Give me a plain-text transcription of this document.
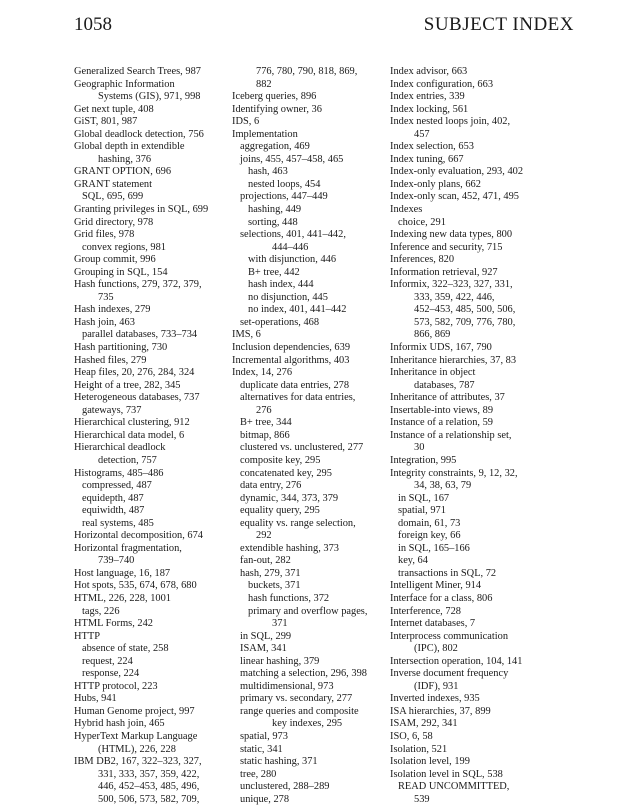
1058	SUBJECT INDEX
Generalized Search Trees, 987
Geographic Information
Systems (GIS), 971, 998
Get next tuple, 408
GiST, 801, 987
Global deadlock detection, 756
Global depth in extendible
hashing, 376
GRANT OPTION, 696
GRANT statement
SQL, 695, 699
Granting privileges in SQL, 699
Grid directory, 978
Grid files, 978
convex regions, 981
Group commit, 996
Grouping in SQL, 154
Hash functions, 279, 372, 379,
735
Hash indexes, 279
Hash join, 463
parallel databases, 733–734
Hash partitioning, 730
Hashed files, 279
Heap files, 20, 276, 284, 324
Height of a tree, 282, 345
Heterogeneous databases, 737
gateways, 737
Hierarchical clustering, 912
Hierarchical data model, 6
Hierarchical deadlock
detection, 757
Histograms, 485–486
compressed, 487
equidepth, 487
equiwidth, 487
real systems, 485
Horizontal decomposition, 674
Horizontal fragmentation,
739–740
Host language, 16, 187
Hot spots, 535, 674, 678, 680
HTML, 226, 228, 1001
tags, 226
HTML Forms, 242
HTTP
absence of state, 258
request, 224
response, 224
HTTP protocol, 223
Hubs, 941
Human Genome project, 997
Hybrid hash join, 465
HyperText Markup Language
(HTML), 226, 228
IBM DB2, 167, 322–323, 327,
331, 333, 357, 359, 422,
446, 452–453, 485, 496,
500, 506, 573, 582, 709,
776, 780, 790, 818, 869,
882
Iceberg queries, 896
Identifying owner, 36
IDS, 6
Implementation
aggregation, 469
joins, 455, 457–458, 465
hash, 463
nested loops, 454
projections, 447–449
hashing, 449
sorting, 448
selections, 401, 441–442,
444–446
with disjunction, 446
B+ tree, 442
hash index, 444
no disjunction, 445
no index, 401, 441–442
set-operations, 468
IMS, 6
Inclusion dependencies, 639
Incremental algorithms, 403
Index, 14, 276
duplicate data entries, 278
alternatives for data entries,
276
B+ tree, 344
bitmap, 866
clustered vs. unclustered, 277
composite key, 295
concatenated key, 295
data entry, 276
dynamic, 344, 373, 379
equality query, 295
equality vs. range selection,
292
extendible hashing, 373
fan-out, 282
hash, 279, 371
buckets, 371
hash functions, 372
primary and overflow pages,
371
in SQL, 299
ISAM, 341
linear hashing, 379
matching a selection, 296, 398
multidimensional, 973
primary vs. secondary, 277
range queries and composite
key indexes, 295
spatial, 973
static, 341
static hashing, 371
tree, 280
unclustered, 288–289
unique, 278
Index advisor, 663
Index configuration, 663
Index entries, 339
Index locking, 561
Index nested loops join, 402,
457
Index selection, 653
Index tuning, 667
Index-only evaluation, 293, 402
Index-only plans, 662
Index-only scan, 452, 471, 495
Indexes
choice, 291
Indexing new data types, 800
Inference and security, 715
Inferences, 820
Information retrieval, 927
Informix, 322–323, 327, 331,
333, 359, 422, 446,
452–453, 485, 500, 506,
573, 582, 709, 776, 780,
866, 869
Informix UDS, 167, 790
Inheritance hierarchies, 37, 83
Inheritance in object
databases, 787
Inheritance of attributes, 37
Insertable-into views, 89
Instance of a relation, 59
Instance of a relationship set,
30
Integration, 995
Integrity constraints, 9, 12, 32,
34, 38, 63, 79
in SQL, 167
spatial, 971
domain, 61, 73
foreign key, 66
in SQL, 165–166
key, 64
transactions in SQL, 72
Intelligent Miner, 914
Interface for a class, 806
Interference, 728
Internet databases, 7
Interprocess communication
(IPC), 802
Intersection operation, 104, 141
Inverse document frequency
(IDF), 931
Inverted indexes, 935
ISA hierarchies, 37, 899
ISAM, 292, 341
ISO, 6, 58
Isolation, 521
Isolation level, 199
Isolation level in SQL, 538
READ UNCOMMITTED,
539
